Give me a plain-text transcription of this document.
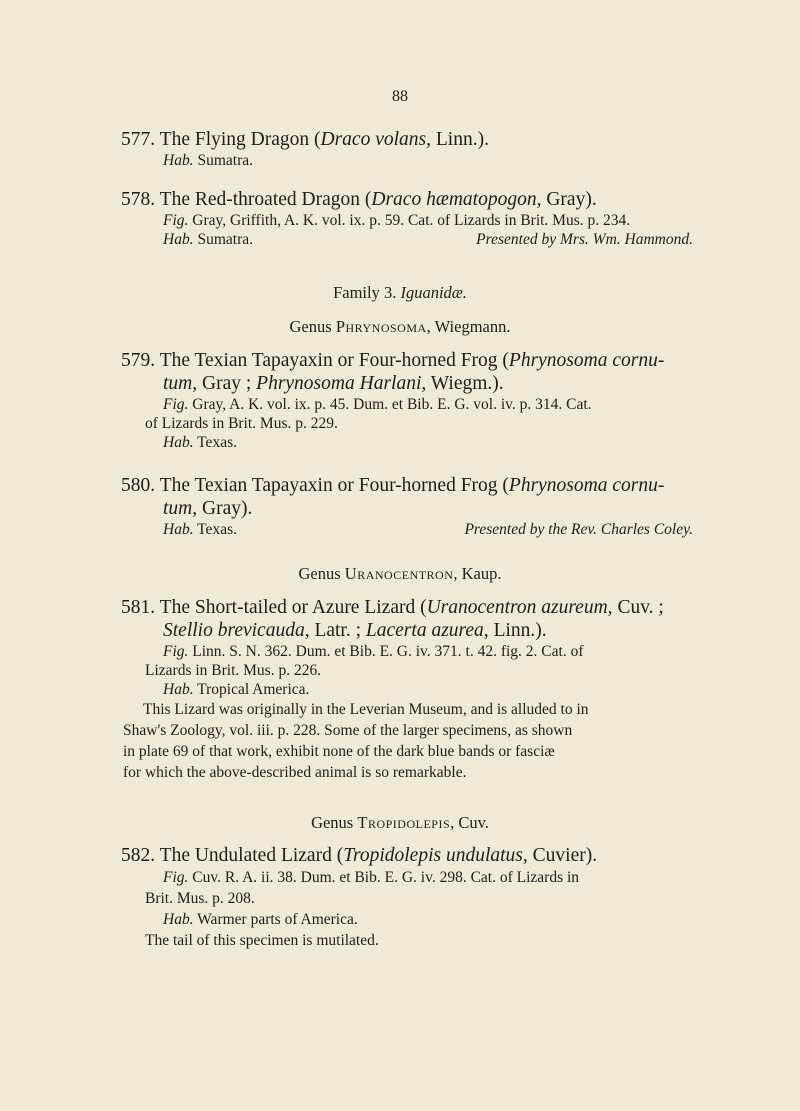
88

577. The Flying Dragon (Draco volans, Linn.).

Hab. Sumatra.

578. The Red-throated Dragon (Draco hæmatopogon, Gray).

Fig. Gray, Griffith, A. K. vol. ix. p. 59. Cat. of Lizards in Brit. Mus. p. 234.

Hab. Sumatra.	Presented by Mrs. Wm. Hammond.
Family 3. Iguanidæ.
Genus Phrynosoma, Wiegmann.

579. The Texian Tapayaxin or Four-horned Frog (Phrynosoma cornu-

tum, Gray ; Phrynosoma Harlani, Wiegm.).

Fig. Gray, A. K. vol. ix. p. 45. Dum. et Bib. E. G. vol. iv. p. 314. Cat.

of Lizards in Brit. Mus. p. 229.

Hab. Texas.

580. The Texian Tapayaxin or Four-horned Frog (Phrynosoma cornu-

tum, Gray).

Hab. Texas.	Presented by the Rev. Charles Coley.
Genus Uranocentron, Kaup.

581. The Short-tailed or Azure Lizard (Uranocentron azureum, Cuv. ;

Stellio brevicauda, Latr. ; Lacerta azurea, Linn.).

Fig. Linn. S. N. 362. Dum. et Bib. E. G. iv. 371. t. 42. fig. 2. Cat. of

Lizards in Brit. Mus. p. 226.

Hab. Tropical America.

This Lizard was originally in the Leverian Museum, and is alluded to in

Shaw's Zoology, vol. iii. p. 228. Some of the larger specimens, as shown

in plate 69 of that work, exhibit none of the dark blue bands or fasciæ

for which the above-described animal is so remarkable.

Genus Tropidolepis, Cuv.

582. The Undulated Lizard (Tropidolepis undulatus, Cuvier).

Fig. Cuv. R. A. ii. 38. Dum. et Bib. E. G. iv. 298. Cat. of Lizards in

Brit. Mus. p. 208.

Hab. Warmer parts of America.

The tail of this specimen is mutilated.
